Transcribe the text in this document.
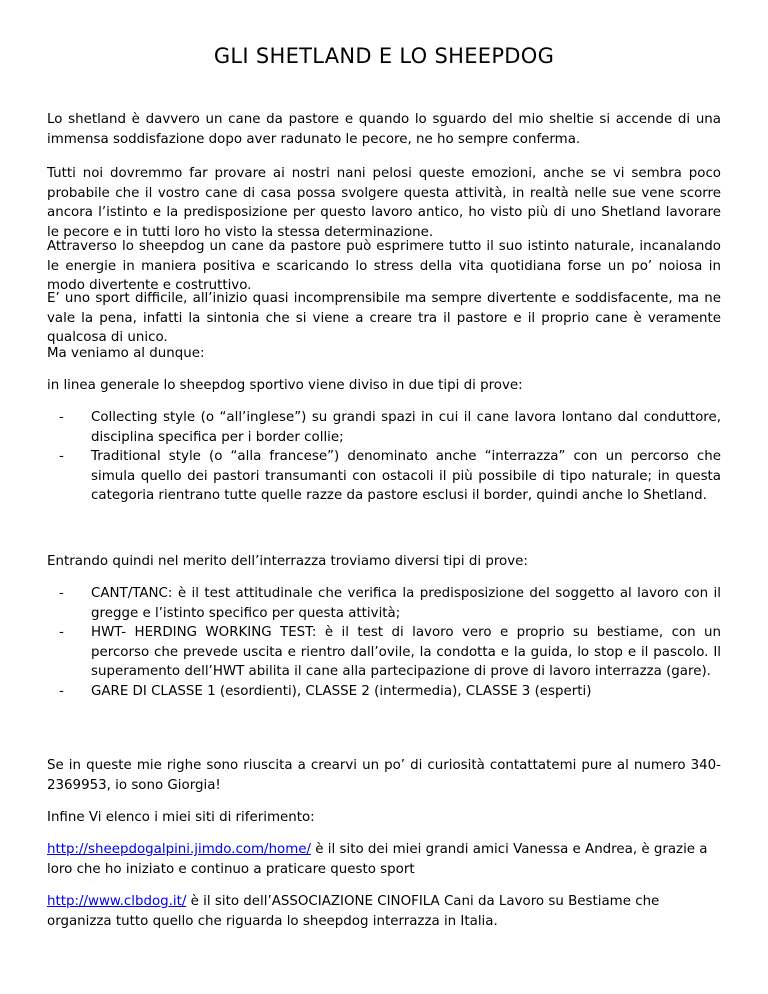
GLI SHETLAND E LO SHEEPDOG

Lo shetland è davvero un cane da pastore e quando lo sguardo del mio sheltie si accende di una immensa soddisfazione dopo aver radunato le pecore, ne ho sempre conferma.

Tutti noi dovremmo far provare ai nostri nani pelosi queste emozioni, anche se vi sembra poco probabile che il vostro cane di casa possa svolgere questa attività, in realtà nelle sue vene scorre ancora l’istinto e la predisposizione per questo lavoro antico, ho visto più di uno Shetland lavorare le pecore e in tutti loro ho visto la stessa determinazione.

Attraverso lo sheepdog un cane da pastore può esprimere tutto il suo istinto naturale, incanalando le energie in maniera positiva e scaricando lo stress della vita quotidiana forse un po’ noiosa in modo divertente e costruttivo.

E’ uno sport difficile, all’inizio quasi incomprensibile ma sempre divertente e soddisfacente, ma ne vale la pena, infatti la sintonia che si viene a creare tra il pastore e il proprio cane è veramente qualcosa di unico.

Ma veniamo al dunque:

in linea generale lo sheepdog sportivo viene diviso in due tipi di prove:

- Collecting style (o “all’inglese”) su grandi spazi in cui il cane lavora lontano dal conduttore, disciplina specifica per i border collie;
- Traditional style (o “alla francese”) denominato anche “interrazza” con un percorso che simula quello dei pastori transumanti con ostacoli il più possibile di tipo naturale; in questa categoria rientrano tutte quelle razze da pastore esclusi il border, quindi anche lo Shetland.

Entrando quindi nel merito dell’interrazza troviamo diversi tipi di prove:

- CANT/TANC: è il test attitudinale che verifica la predisposizione del soggetto al lavoro con il gregge e l’istinto specifico per questa attività;
- HWT- HERDING WORKING TEST: è il test di lavoro vero e proprio su bestiame, con un percorso che prevede uscita e rientro dall’ovile, la condotta e la guida, lo stop e il pascolo. Il superamento dell’HWT abilita il cane alla partecipazione di prove di lavoro interrazza (gare).
- GARE DI CLASSE 1 (esordienti), CLASSE 2 (intermedia), CLASSE 3 (esperti)

Se in queste mie righe sono riuscita a crearvi un po’ di curiosità contattatemi pure al numero 340-2369953, io sono Giorgia!

Infine Vi elenco i miei siti di riferimento:

http://sheepdogalpini.jimdo.com/home/ è il sito dei miei grandi amici Vanessa e Andrea, è grazie a loro che ho iniziato e continuo a praticare questo sport

http://www.clbdog.it/ è il sito dell’ASSOCIAZIONE CINOFILA Cani da Lavoro su Bestiame che organizza tutto quello che riguarda lo sheepdog interrazza in Italia.
